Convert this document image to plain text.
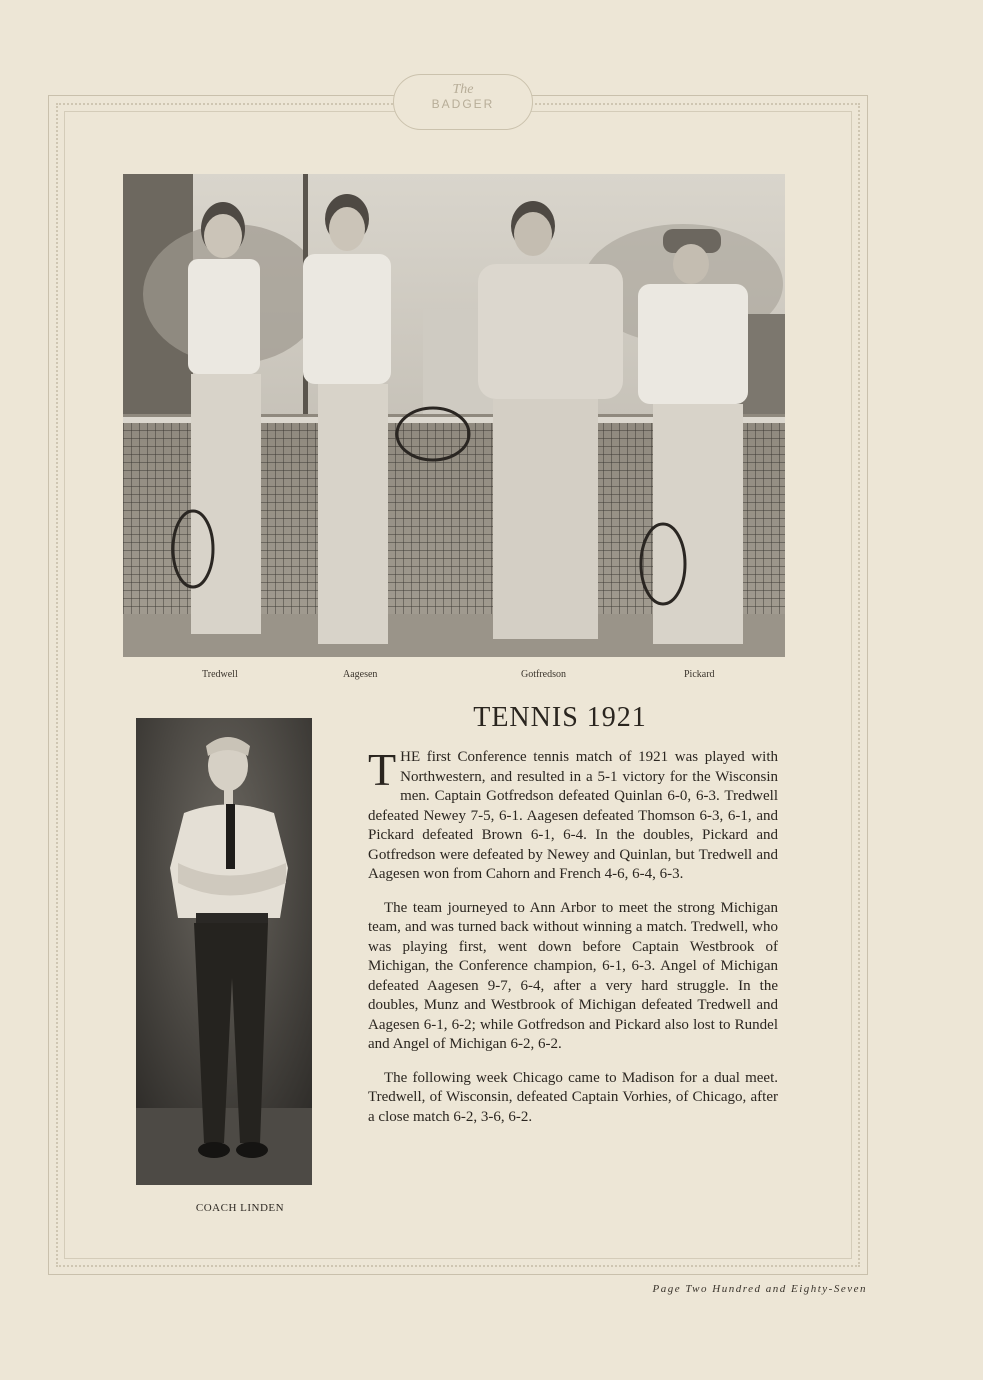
The
BADGER
Tredwell	Aagesen	Gotfredson	Pickard
COACH LINDEN
TENNIS 1921

THE first Conference tennis match of 1921 was played with Northwestern, and resulted in a 5-1 victory for the Wisconsin men. Captain Gotfredson defeated Quinlan 6-0, 6-3. Tredwell defeated Newey 7-5, 6-1. Aagesen defeated Thomson 6-3, 6-1, and Pickard defeated Brown 6-1, 6-4. In the doubles, Pickard and Gotfredson were defeated by Newey and Quinlan, but Tredwell and Aagesen won from Cahorn and French 4-6, 6-4, 6-3.

The team journeyed to Ann Arbor to meet the strong Michigan team, and was turned back without winning a match. Tredwell, who was playing first, went down before Captain Westbrook of Michigan, the Conference champion, 6-1, 6-3. Angel of Michigan defeated Aagesen 9-7, 6-4, after a very hard struggle. In the doubles, Munz and Westbrook of Michigan defeated Tredwell and Aagesen 6-1, 6-2; while Gotfredson and Pickard also lost to Rundel and Angel of Michigan 6-2, 6-2.

The following week Chicago came to Madison for a dual meet. Tredwell, of Wisconsin, defeated Captain Vorhies, of Chicago, after a close match 6-2, 3-6, 6-2.

Page Two Hundred and Eighty-Seven
